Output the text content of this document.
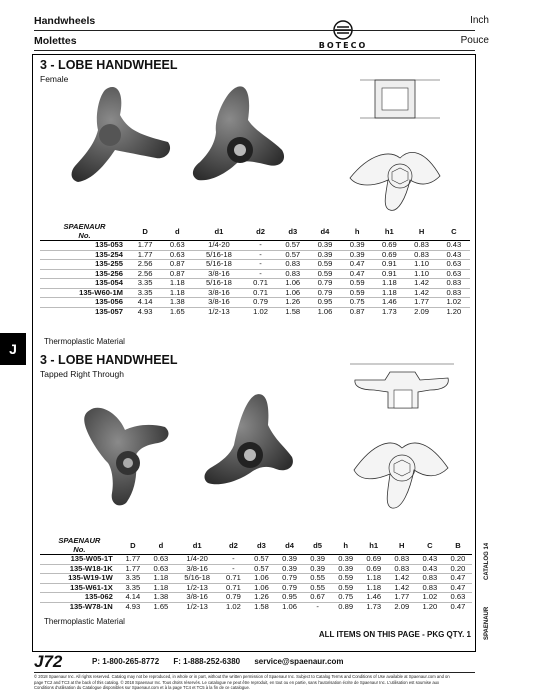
Handwheels
Molettes
Inch
Pouce
BOTECO
J
3 - LOBE HANDWHEEL
Female
SPAENAUR
No.	D	d	d1	d2	d3	d4	h	h1	H	C
135-053	1.77	0.63	1/4-20	-	0.57	0.39	0.39	0.69	0.83	0.43
135-254	1.77	0.63	5/16-18	-	0.57	0.39	0.39	0.69	0.83	0.43
135-255	2.56	0.87	5/16-18	-	0.83	0.59	0.47	0.91	1.10	0.63
135-256	2.56	0.87	3/8-16	-	0.83	0.59	0.47	0.91	1.10	0.63
135-054	3.35	1.18	5/16-18	0.71	1.06	0.79	0.59	1.18	1.42	0.83
135-W60-1M	3.35	1.18	3/8-16	0.71	1.06	0.79	0.59	1.18	1.42	0.83
135-056	4.14	1.38	3/8-16	0.79	1.26	0.95	0.75	1.46	1.77	1.02
135-057	4.93	1.65	1/2-13	1.02	1.58	1.06	0.87	1.73	2.09	1.20
Thermoplastic Material
3 - LOBE HANDWHEEL
Tapped Right Through
SPAENAUR
No.	D	d	d1	d2	d3	d4	d5	h	h1	H	C	B
135-W05-1T	1.77	0.63	1/4-20	-	0.57	0.39	0.39	0.39	0.69	0.83	0.43	0.20
135-W18-1K	1.77	0.63	3/8-16	-	0.57	0.39	0.39	0.39	0.69	0.83	0.43	0.20
135-W19-1W	3.35	1.18	5/16-18	0.71	1.06	0.79	0.55	0.59	1.18	1.42	0.83	0.47
135-W61-1X	3.35	1.18	1/2-13	0.71	1.06	0.79	0.55	0.59	1.18	1.42	0.83	0.47
135-062	4.14	1.38	3/8-16	0.79	1.26	0.95	0.67	0.75	1.46	1.77	1.02	0.63
135-W78-1N	4.93	1.65	1/2-13	1.02	1.58	1.06	-	0.89	1.73	2.09	1.20	0.47
Thermoplastic Material
ALL ITEMS ON THIS PAGE - PKG QTY. 1
CATALOG 14
SPAENAUR
J72	P: 1-800-265-8772 F: 1-888-252-6380 service@spaenaur.com
© 2018 Spaenaur Inc. All rights reserved. Catalog may not be reproduced, in whole or in part, without the written permission of Spaenaur Inc. Subject to Catalog Terms and Conditions of Use available at Spaenaur.com and on page TC2 and TC3 at the back of this catalog. © 2018 Spaenaur Inc. Tous droits réservés. Le catalogue ne peut être reproduit, en tout ou en partie, sans l'autorisation écrite de Spaenaur Inc. L'utilisation est soumise aux Conditions d'utilisation du Catalogue disponibles sur Spaenaur.com et à la page TC4 et TC5 à la fin de ce catalogue.
